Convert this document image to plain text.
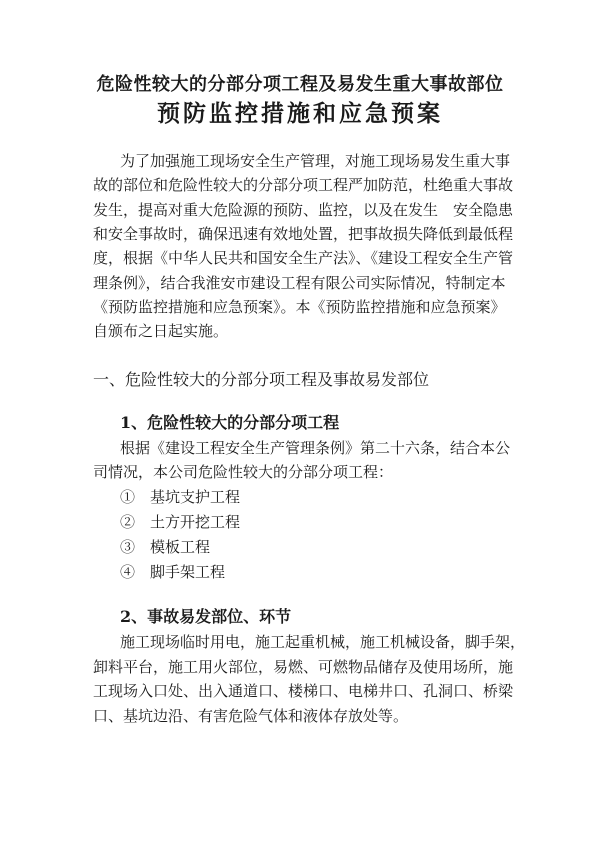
危险性较大的分部分项工程及易发生重大事故部位
预防监控措施和应急预案
为了加强施工现场安全生产管理，对施工现场易发生重大事
故的部位和危险性较大的分部分项工程严加防范，杜绝重大事故
发生，提高对重大危险源的预防、监控，以及在发生　安全隐患
和安全事故时，确保迅速有效地处置，把事故损失降低到最低程
度，根据《中华人民共和国安全生产法》、《建设工程安全生产管
理条例》，结合我淮安市建设工程有限公司实际情况，特制定本
《预防监控措施和应急预案》。本《预防监控措施和应急预案》
自颁布之日起实施。
一、危险性较大的分部分项工程及事故易发部位
1、危险性较大的分部分项工程
根据《建设工程安全生产管理条例》第二十六条，结合本公
司情况，本公司危险性较大的分部分项工程：
①　基坑支护工程
②　土方开挖工程
③　模板工程
④　脚手架工程
2、事故易发部位、环节
施工现场临时用电，施工起重机械，施工机械设备，脚手架，
卸料平台，施工用火部位，易燃、可燃物品储存及使用场所，施
工现场入口处、出入通道口、楼梯口、电梯井口、孔洞口、桥梁
口、基坑边沿、有害危险气体和液体存放处等。
